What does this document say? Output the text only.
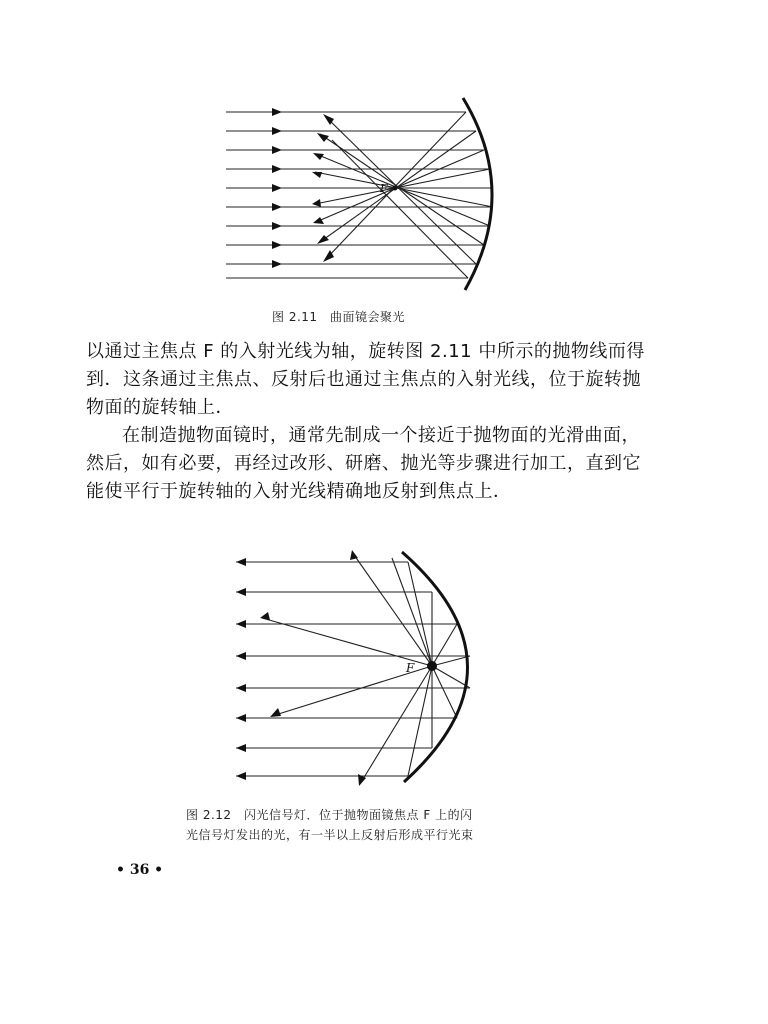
F
图 2.11　曲面镜会聚光

以通过主焦点 F 的入射光线为轴，旋转图 2.11 中所示的抛物线而得到．这条通过主焦点、反射后也通过主焦点的入射光线，位于旋转抛物面的旋转轴上．

在制造抛物面镜时，通常先制成一个接近于抛物面的光滑曲面，然后，如有必要，再经过改形、研磨、抛光等步骤进行加工，直到它能使平行于旋转轴的入射光线精确地反射到焦点上．

F
图 2.12　闪光信号灯．位于抛物面镜焦点 F 上的闪
光信号灯发出的光，有一半以上反射后形成平行光束
• 36 •
